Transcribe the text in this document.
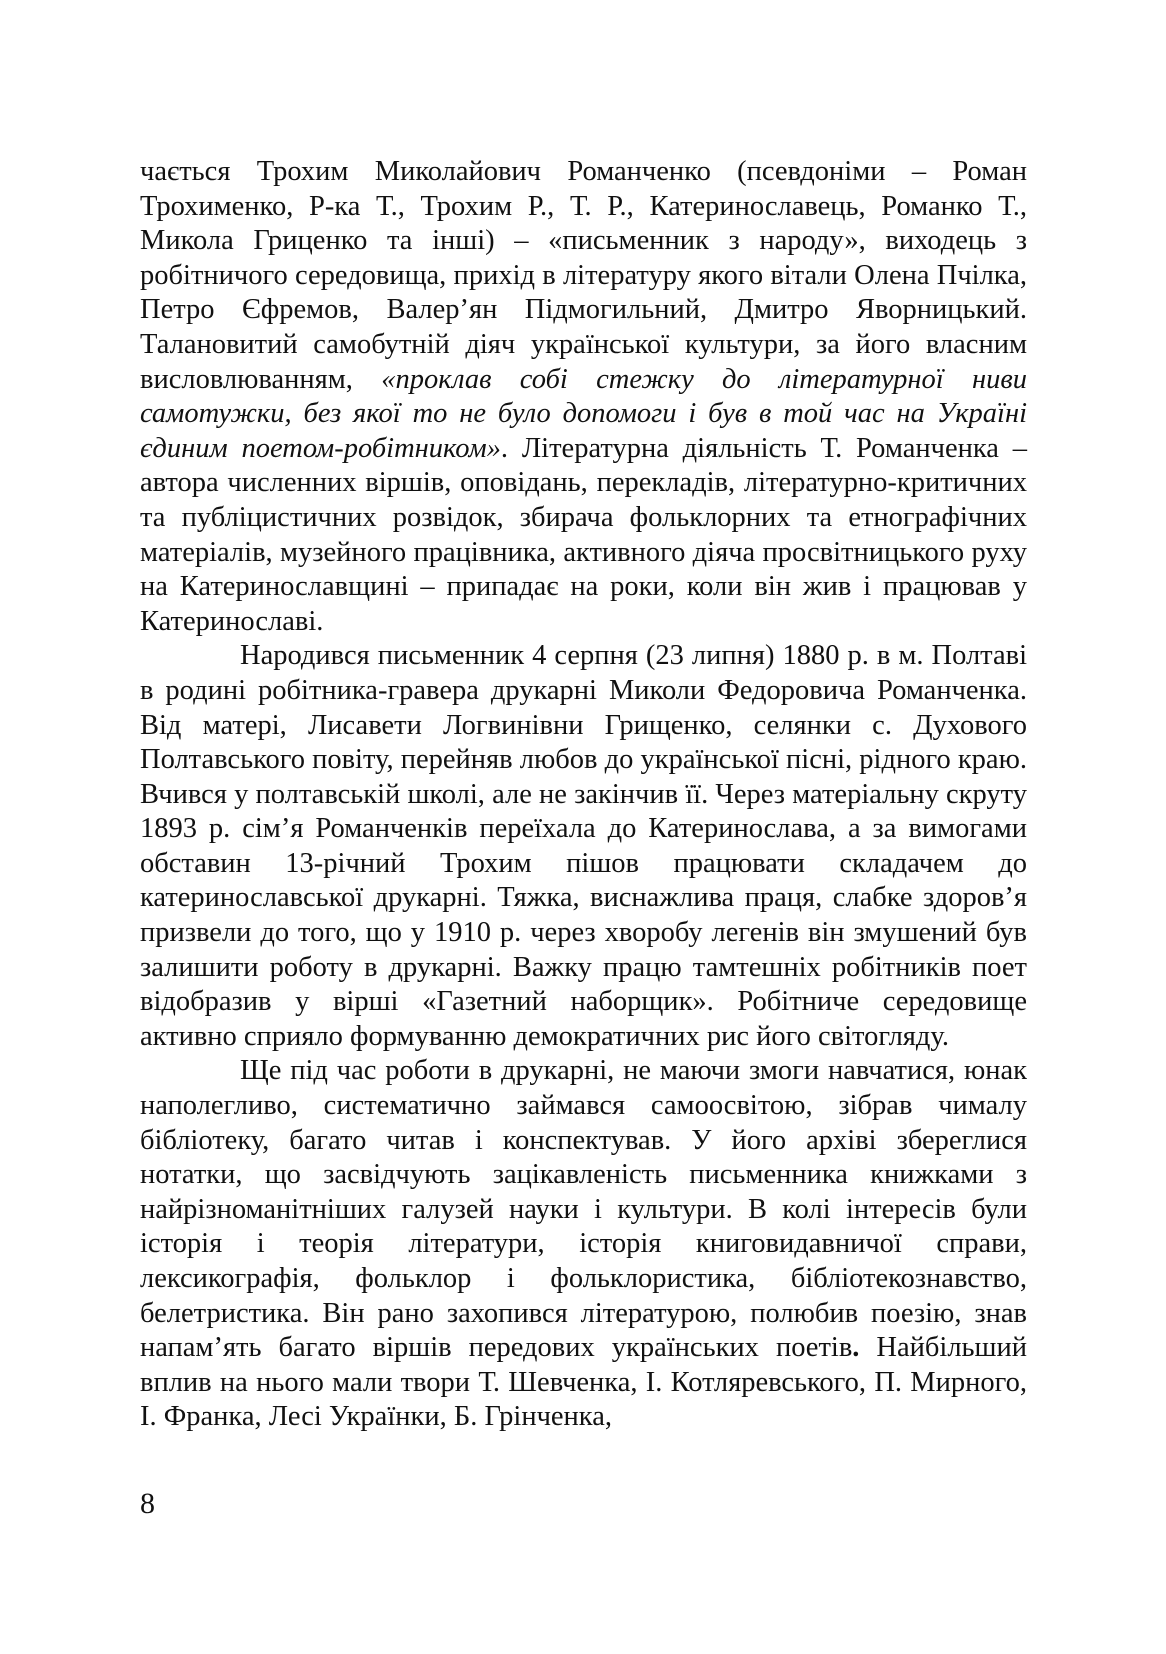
чається Трохим Миколайович Романченко (псевдоніми – Роман Трохименко, Р-ка Т., Трохим Р., Т. Р., Катеринославець, Романко Т., Микола Гриценко та інші) – «письменник з народу», виходець з робітничого середовища, прихід в літературу якого вітали Олена Пчілка, Петро Єфремов, Валер’ян Підмогильний, Дмитро Яворницький. Талановитий самобутній діяч української культури, за його власним висловлюванням, «проклав собі стежку до літературної ниви самотужки, без якої то не було допомоги і був в той час на Україні єдиним поетом-робітником». Літературна діяльність Т. Романченка – автора численних віршів, оповідань, перекладів, літературно-критичних та публіцистичних розвідок, збирача фольклорних та етнографічних матеріалів, музейного працівника, активного діяча просвітницького руху на Катеринославщині – припадає на роки, коли він жив і працював у Катеринославі.

Народився письменник 4 серпня (23 липня) 1880 р. в м. Полтаві в родині робітника-гравера друкарні Миколи Федоровича Романченка. Від матері, Лисавети Логвинівни Грищенко, селянки с. Духового Полтавського повіту, перейняв любов до української пісні, рідного краю. Вчився у полтавській школі, але не закінчив її. Через матеріальну скруту 1893 р. сім’я Романченків переїхала до Катеринослава, а за вимогами обставин 13-річний Трохим пішов працювати складачем до катеринославської друкарні. Тяжка, виснажлива праця, слабке здоров’я призвели до того, що у 1910 р. через хворобу легенів він змушений був залишити роботу в друкарні. Важку працю тамтешніх робітників поет відобразив у вірші «Газетний наборщик». Робітниче середовище активно сприяло формуванню демократичних рис його світогляду.

Ще під час роботи в друкарні, не маючи змоги навчатися, юнак наполегливо, систематично займався самоосвітою, зібрав чималу бібліотеку, багато читав і конспектував. У його архіві збереглися нотатки, що засвідчують зацікавленість письменника книжками з найрізноманітніших галузей науки і культури. В колі інтересів були історія і теорія літератури, історія книговидавничої справи, лексикографія, фольклор і фольклористика, бібліотекознавство, белетристика. Він рано захопився літературою, полюбив поезію, знав напам’ять багато віршів передових українських поетів. Найбільший вплив на нього мали твори Т. Шевченка, І. Котляревського, П. Мирного, І. Франка, Лесі Українки, Б. Грінченка,

8
